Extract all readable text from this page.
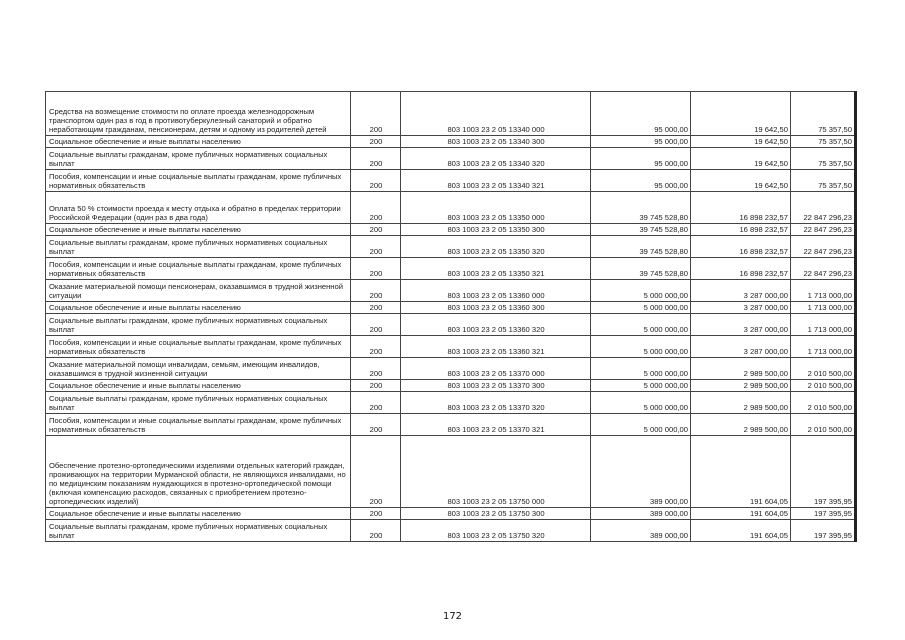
Средства на возмещение стоимости по оплате проезда железнодорожным транспортом один раз в год в противотуберкулезный санаторий и обратно неработающим гражданам, пенсионерам, детям и одному из родителей детей	200	803 1003 23 2 05 13340 000	95 000,00	19 642,50	75 357,50
Социальное обеспечение и иные выплаты населению	200	803 1003 23 2 05 13340 300	95 000,00	19 642,50	75 357,50
Социальные выплаты гражданам, кроме публичных нормативных социальных выплат	200	803 1003 23 2 05 13340 320	95 000,00	19 642,50	75 357,50
Пособия, компенсации и иные социальные выплаты гражданам, кроме публичных нормативных обязательств	200	803 1003 23 2 05 13340 321	95 000,00	19 642,50	75 357,50
Оплата 50 % стоимости проезда к месту отдыха и обратно в пределах территории Российской Федерации (один раз в два года)	200	803 1003 23 2 05 13350 000	39 745 528,80	16 898 232,57	22 847 296,23
Социальное обеспечение и иные выплаты населению	200	803 1003 23 2 05 13350 300	39 745 528,80	16 898 232,57	22 847 296,23
Социальные выплаты гражданам, кроме публичных нормативных социальных выплат	200	803 1003 23 2 05 13350 320	39 745 528,80	16 898 232,57	22 847 296,23
Пособия, компенсации и иные социальные выплаты гражданам, кроме публичных нормативных обязательств	200	803 1003 23 2 05 13350 321	39 745 528,80	16 898 232,57	22 847 296,23
Оказание материальной помощи пенсионерам, оказавшимся в трудной жизненной ситуации	200	803 1003 23 2 05 13360 000	5 000 000,00	3 287 000,00	1 713 000,00
Социальное обеспечение и иные выплаты населению	200	803 1003 23 2 05 13360 300	5 000 000,00	3 287 000,00	1 713 000,00
Социальные выплаты гражданам, кроме публичных нормативных социальных выплат	200	803 1003 23 2 05 13360 320	5 000 000,00	3 287 000,00	1 713 000,00
Пособия, компенсации и иные социальные выплаты гражданам, кроме публичных нормативных обязательств	200	803 1003 23 2 05 13360 321	5 000 000,00	3 287 000,00	1 713 000,00
Оказание материальной помощи инвалидам, семьям, имеющим инвалидов, оказавшимся в трудной жизненной ситуации	200	803 1003 23 2 05 13370 000	5 000 000,00	2 989 500,00	2 010 500,00
Социальное обеспечение и иные выплаты населению	200	803 1003 23 2 05 13370 300	5 000 000,00	2 989 500,00	2 010 500,00
Социальные выплаты гражданам, кроме публичных нормативных социальных выплат	200	803 1003 23 2 05 13370 320	5 000 000,00	2 989 500,00	2 010 500,00
Пособия, компенсации и иные социальные выплаты гражданам, кроме публичных нормативных обязательств	200	803 1003 23 2 05 13370 321	5 000 000,00	2 989 500,00	2 010 500,00
Обеспечение протезно-ортопедическими изделиями отдельных категорий граждан, проживающих на территории Мурманской области, не являющихся инвалидами, но по медицинским показаниям нуждающихся в протезно-ортопедической помощи (включая компенсацию расходов, связанных с приобретением протезно-ортопедических изделий)	200	803 1003 23 2 05 13750 000	389 000,00	191 604,05	197 395,95
Социальное обеспечение и иные выплаты населению	200	803 1003 23 2 05 13750 300	389 000,00	191 604,05	197 395,95
Социальные выплаты гражданам, кроме публичных нормативных социальных выплат	200	803 1003 23 2 05 13750 320	389 000,00	191 604,05	197 395,95
172
